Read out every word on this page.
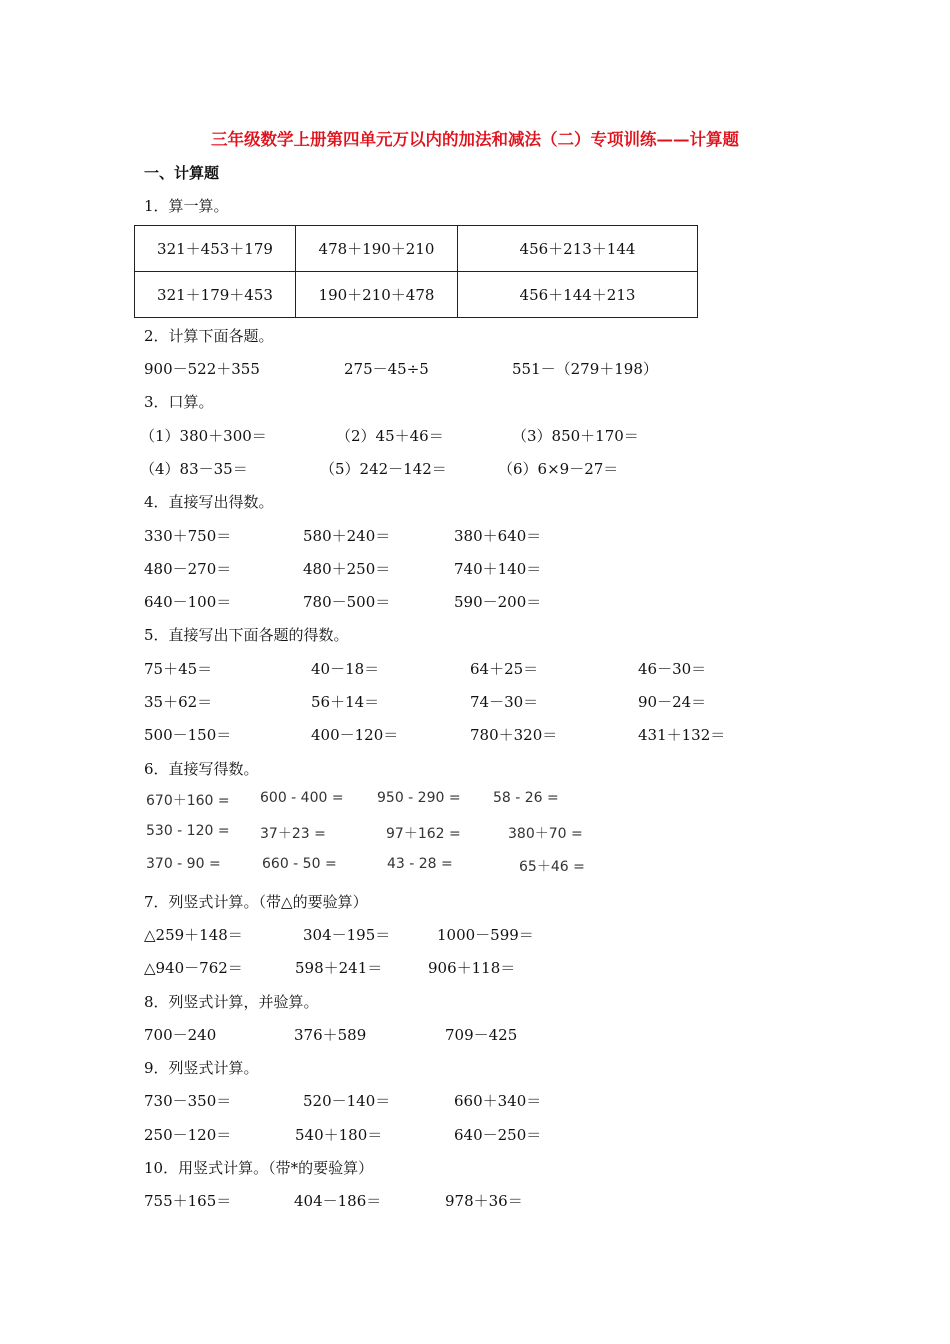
三年级数学上册第四单元万以内的加法和减法（二）专项训练——计算题
一、计算题
1．算一算。
321＋453＋179	478＋190＋210	456＋213＋144
321＋179＋453	190＋210＋478	456＋144＋213
2．计算下面各题。
900－522＋355	275－45÷5	551－（279＋198）
3．口算。
（1）380＋300＝	（2）45＋46＝	（3）850＋170＝
（4）83－35＝	（5）242－142＝	（6）6×9－27＝
4．直接写出得数。
330＋750＝	580＋240＝	380＋640＝
480－270＝	480＋250＝	740＋140＝
640－100＝	780－500＝	590－200＝
5．直接写出下面各题的得数。
75＋45＝	40－18＝	64＋25＝	46－30＝
35＋62＝	56＋14＝	74－30＝	90－24＝
500－150＝	400－120＝	780＋320＝	431＋132＝
6．直接写得数。
670＋160 = 600 - 400 = 950 - 290 = 58 - 26 =
530 - 120 = 37＋23 =	97＋162 =	380＋70 =
370 - 90 =	660 - 50 =	43 - 28 =	65＋46 =
7．列竖式计算。（带△的要验算）
△259＋148＝	304－195＝	1000－599＝
△940－762＝	598＋241＝	906＋118＝
8．列竖式计算，并验算。
700－240	376＋589	709－425
9．列竖式计算。
730－350＝	520－140＝	660＋340＝
250－120＝	540＋180＝	640－250＝
10．用竖式计算。（带*的要验算）
755＋165＝	404－186＝	978＋36＝
